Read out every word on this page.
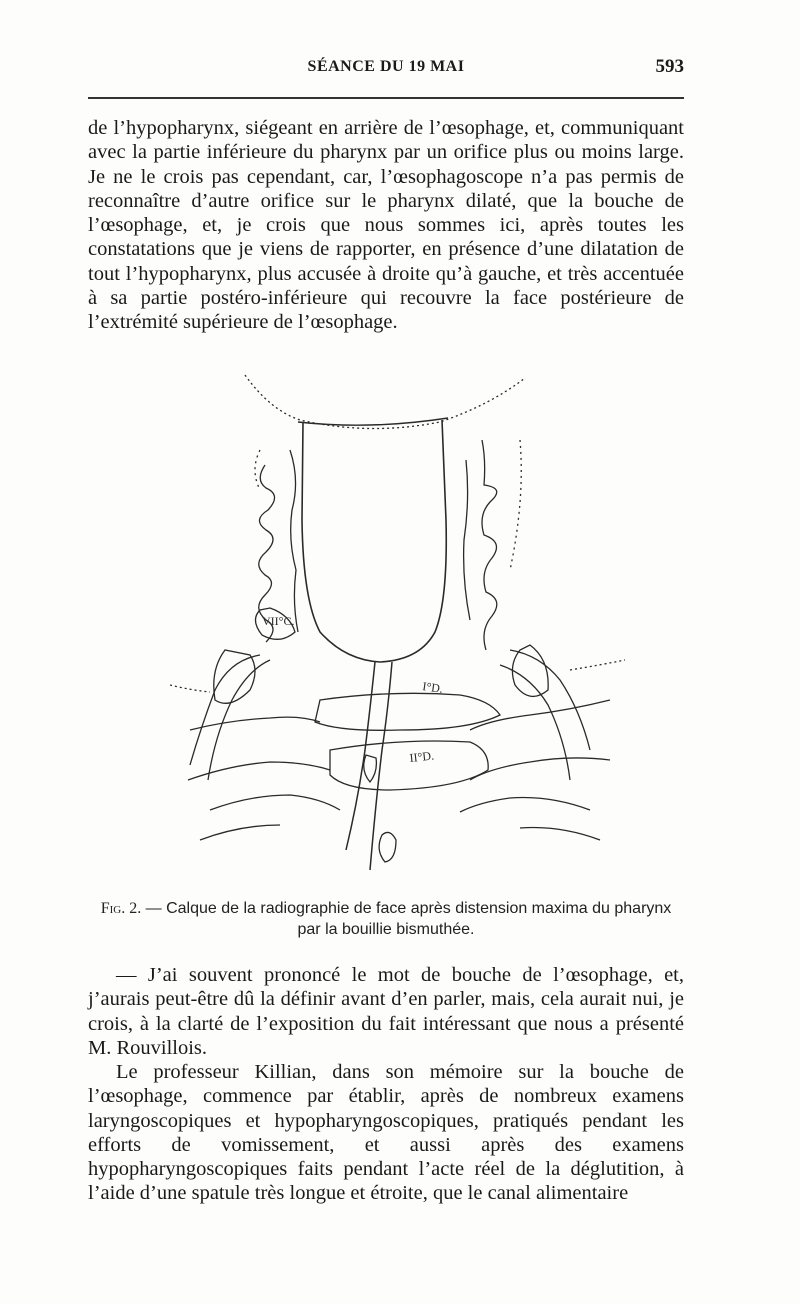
SÉANCE DU 19 MAI	593

de l’hypopharynx, siégeant en arrière de l’œsophage, et, communiquant avec la partie inférieure du pharynx par un orifice plus ou moins large. Je ne le crois pas cependant, car, l’œsophagoscope n’a pas permis de reconnaître d’autre orifice sur le pharynx dilaté, que la bouche de l’œsophage, et, je crois que nous sommes ici, après toutes les constatations que je viens de rapporter, en présence d’une dilatation de tout l’hypopharynx, plus accusée à droite qu’à gauche, et très accentuée à sa partie postéro-inférieure qui recouvre la face postérieure de l’extrémité supérieure de l’œsophage.

VII°C.
I°D.
II°D.
Fig. 2. — Calque de la radiographie de face après distension maxima du pharynx par la bouillie bismuthée.

— J’ai souvent prononcé le mot de bouche de l’œsophage, et, j’aurais peut-être dû la définir avant d’en parler, mais, cela aurait nui, je crois, à la clarté de l’exposition du fait intéressant que nous a présenté M. Rouvillois.

Le professeur Killian, dans son mémoire sur la bouche de l’œsophage, commence par établir, après de nombreux examens laryngoscopiques et hypopharyngoscopiques, pratiqués pendant les efforts de vomissement, et aussi après des examens hypopharyngoscopiques faits pendant l’acte réel de la déglutition, à l’aide d’une spatule très longue et étroite, que le canal alimentaire
